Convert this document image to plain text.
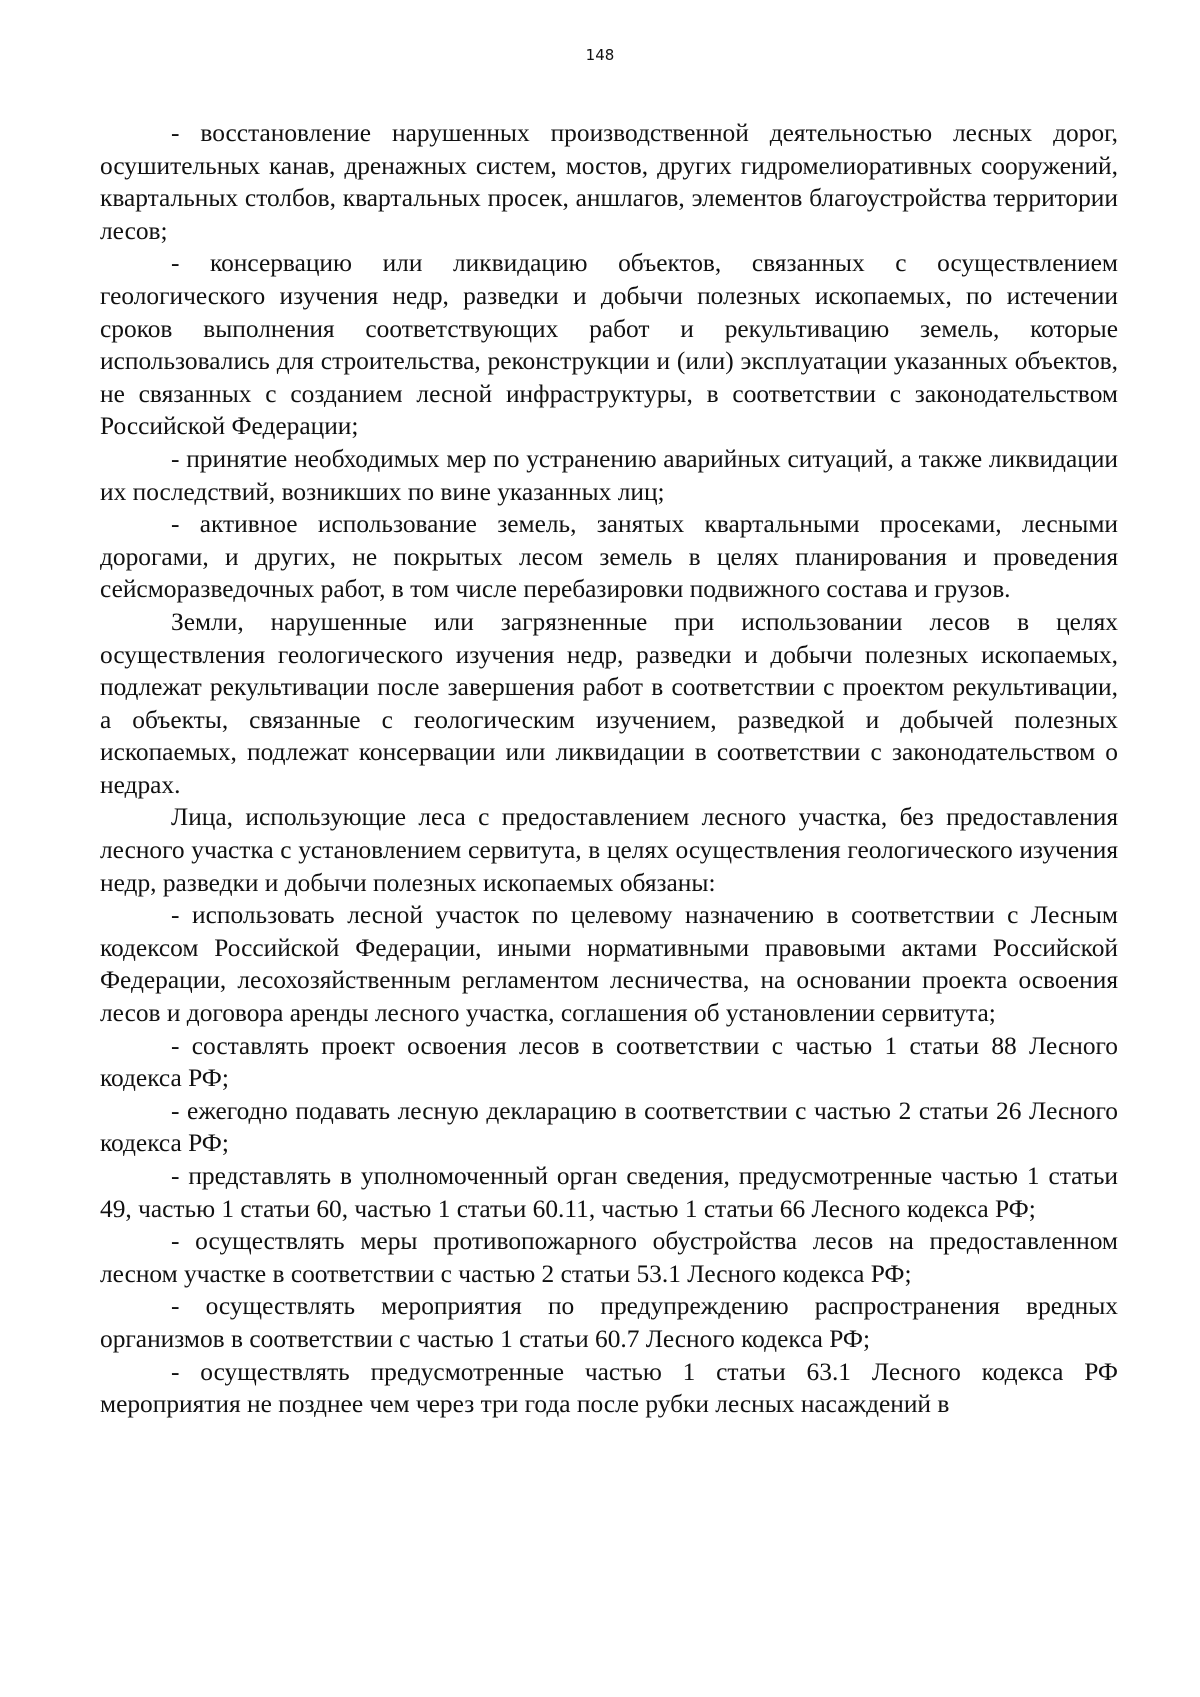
148

- восстановление нарушенных производственной деятельностью лесных дорог, осушительных канав, дренажных систем, мостов, других гидромелиоративных сооружений, квартальных столбов, квартальных просек, аншлагов, элементов благоустройства территории лесов;

- консервацию или ликвидацию объектов, связанных с осуществлением геологического изучения недр, разведки и добычи полезных ископаемых, по истечении сроков выполнения соответствующих работ и рекультивацию земель, которые использовались для строительства, реконструкции и (или) эксплуатации указанных объектов, не связанных с созданием лесной инфраструктуры, в соответствии с законодательством Российской Федерации;

- принятие необходимых мер по устранению аварийных ситуаций, а также ликвидации их последствий, возникших по вине указанных лиц;

- активное использование земель, занятых квартальными просеками, лесными дорогами, и других, не покрытых лесом земель в целях планирования и проведения сейсморазведочных работ, в том числе перебазировки подвижного состава и грузов.

Земли, нарушенные или загрязненные при использовании лесов в целях осуществления геологического изучения недр, разведки и добычи полезных ископаемых, подлежат рекультивации после завершения работ в соответствии с проектом рекультивации, а объекты, связанные с геологическим изучением, разведкой и добычей полезных ископаемых, подлежат консервации или ликвидации в соответствии с законодательством о недрах.

Лица, использующие леса с предоставлением лесного участка, без предоставления лесного участка с установлением сервитута, в целях осуществления геологического изучения недр, разведки и добычи полезных ископаемых обязаны:

- использовать лесной участок по целевому назначению в соответствии с Лесным кодексом Российской Федерации, иными нормативными правовыми актами Российской Федерации, лесохозяйственным регламентом лесничества, на основании проекта освоения лесов и договора аренды лесного участка, соглашения об установлении сервитута;

- составлять проект освоения лесов в соответствии с частью 1 статьи 88 Лесного кодекса РФ;

- ежегодно подавать лесную декларацию в соответствии с частью 2 статьи 26 Лесного кодекса РФ;

- представлять в уполномоченный орган сведения, предусмотренные частью 1 статьи 49, частью 1 статьи 60, частью 1 статьи 60.11, частью 1 статьи 66 Лесного кодекса РФ;

- осуществлять меры противопожарного обустройства лесов на предоставленном лесном участке в соответствии с частью 2 статьи 53.1 Лесного кодекса РФ;

- осуществлять мероприятия по предупреждению распространения вредных организмов в соответствии с частью 1 статьи 60.7 Лесного кодекса РФ;

- осуществлять предусмотренные частью 1 статьи 63.1 Лесного кодекса РФ мероприятия не позднее чем через три года после рубки лесных насаждений в
